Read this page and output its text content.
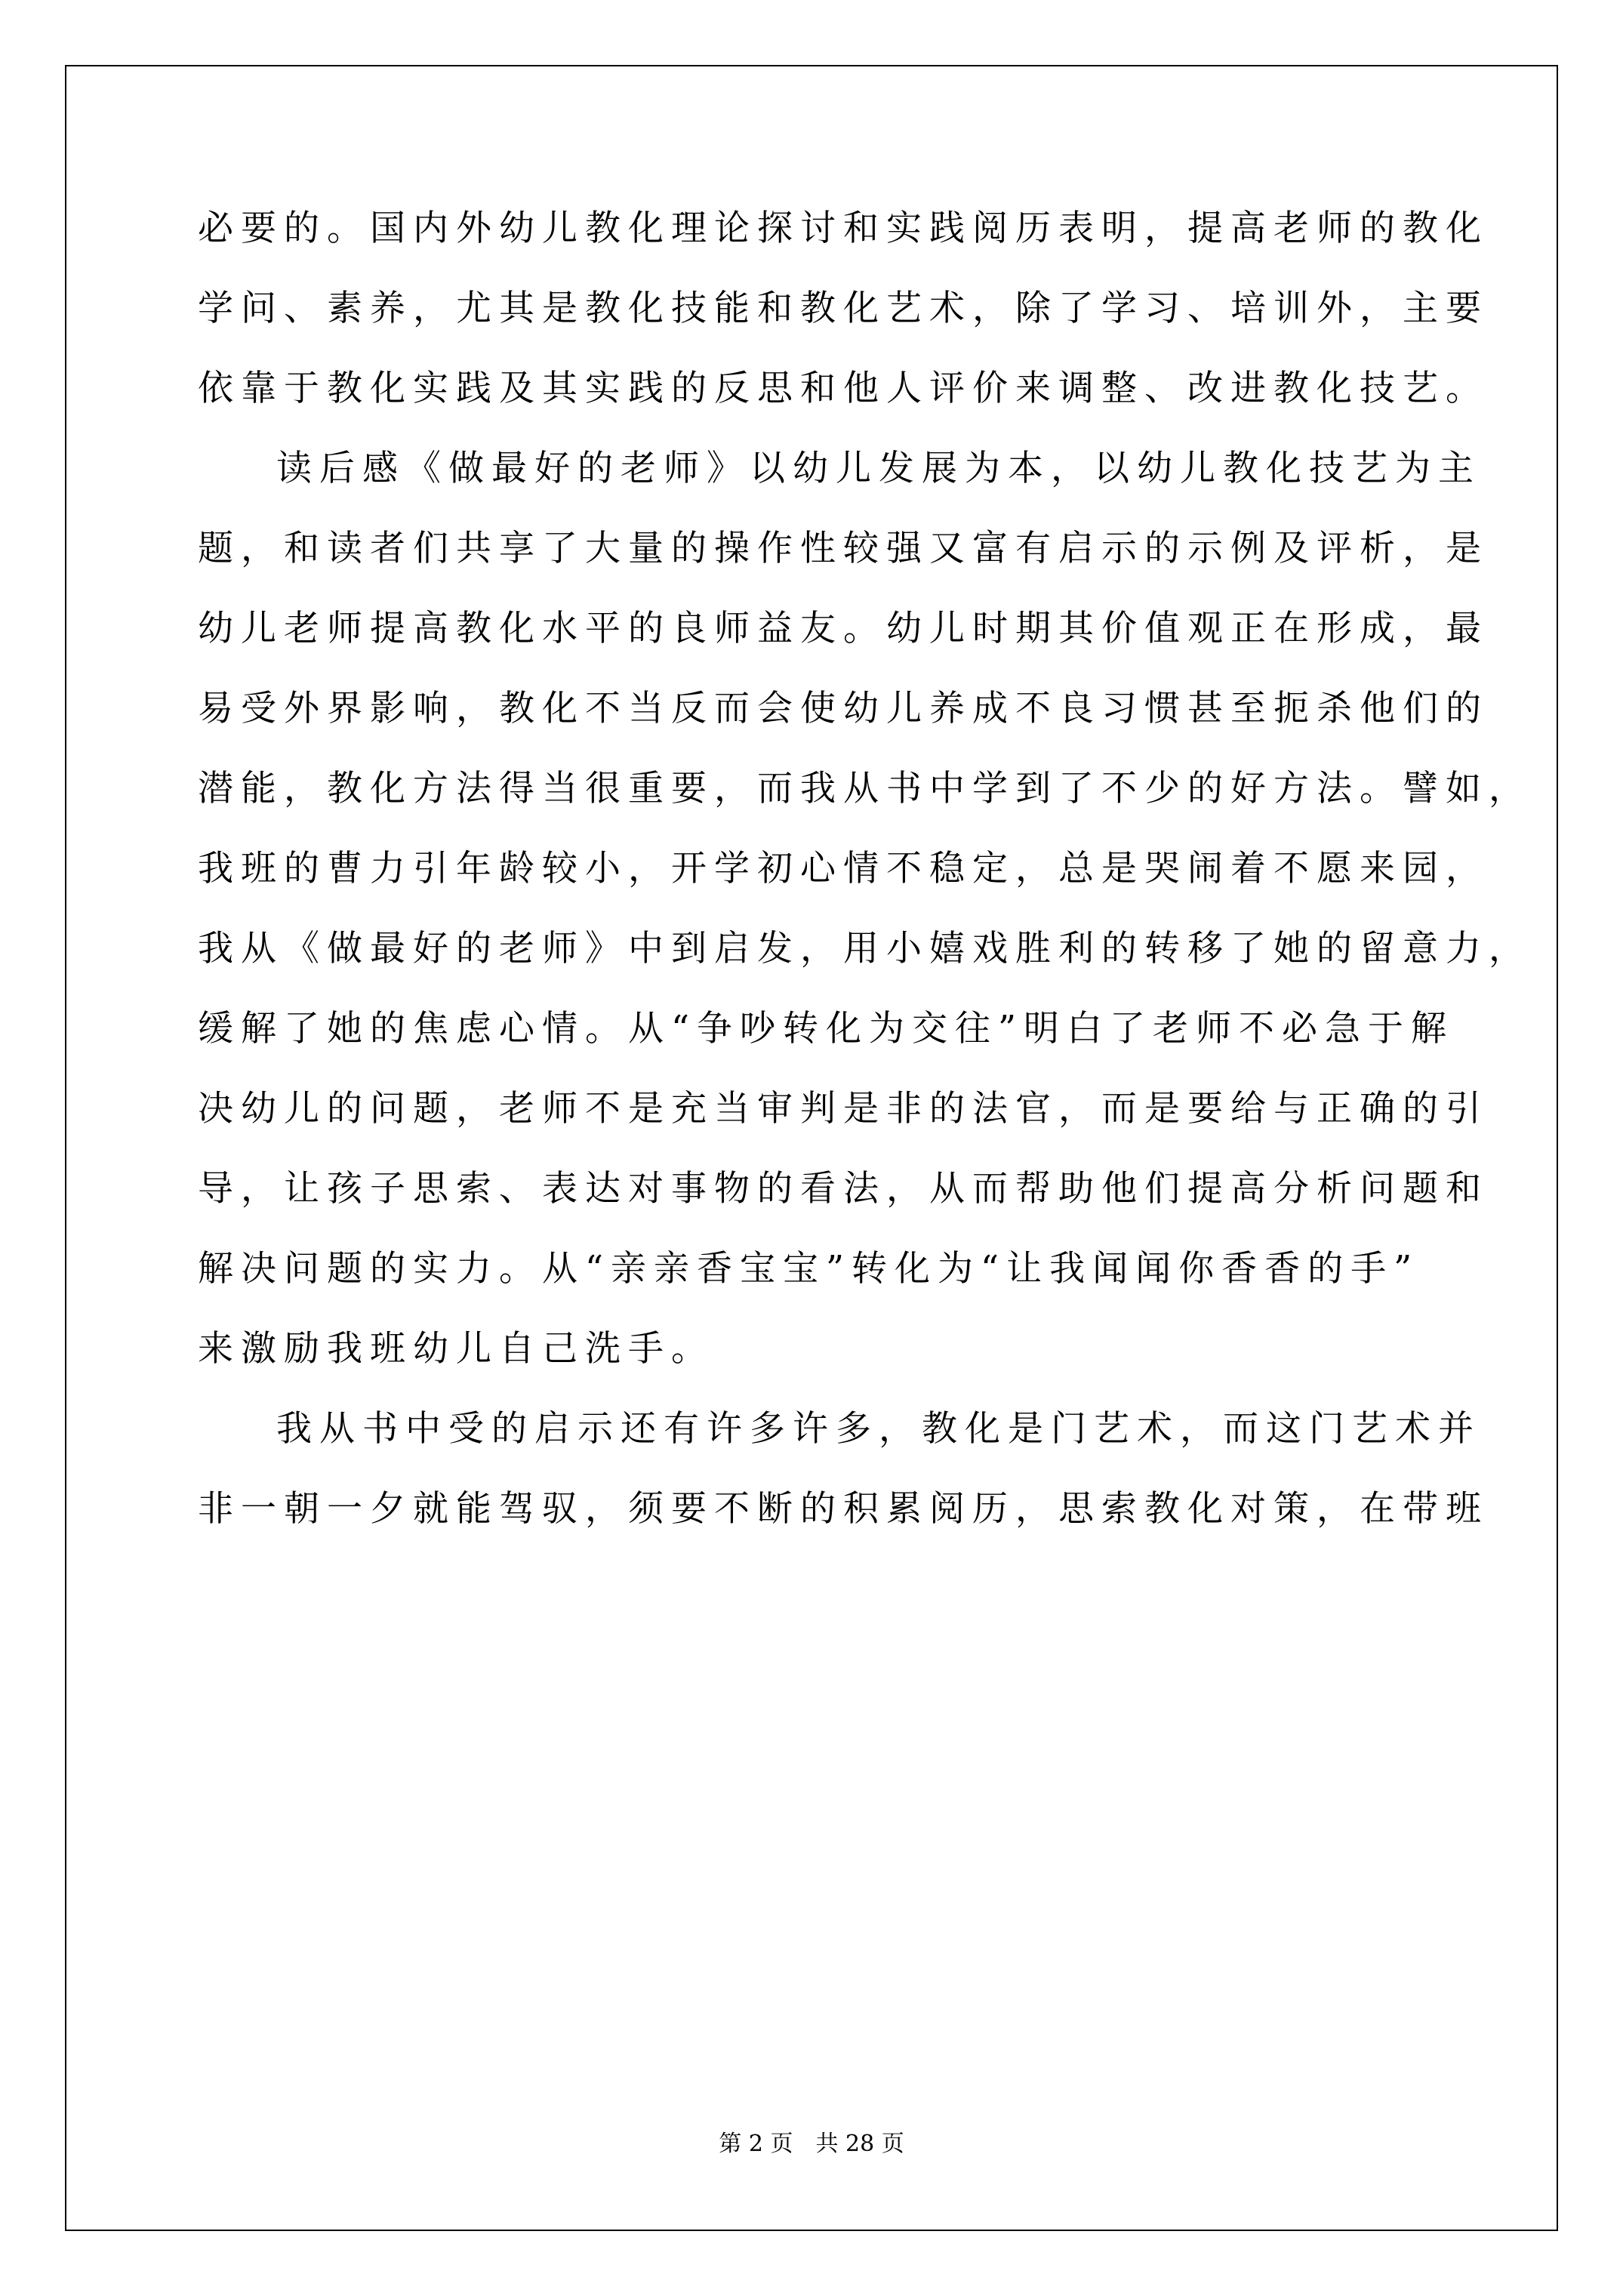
必要的。国内外幼儿教化理论探讨和实践阅历表明，提高老师的教化
学问、素养，尤其是教化技能和教化艺术，除了学习、培训外，主要
依靠于教化实践及其实践的反思和他人评价来调整、改进教化技艺。
读后感《做最好的老师》以幼儿发展为本，以幼儿教化技艺为主
题，和读者们共享了大量的操作性较强又富有启示的示例及评析，是
幼儿老师提高教化水平的良师益友。幼儿时期其价值观正在形成，最
易受外界影响，教化不当反而会使幼儿养成不良习惯甚至扼杀他们的
潜能，教化方法得当很重要，而我从书中学到了不少的好方法。譬如，
我班的曹力引年龄较小，开学初心情不稳定，总是哭闹着不愿来园，
我从《做最好的老师》中到启发，用小嬉戏胜利的转移了她的留意力，
缓解了她的焦虑心情。从“争吵转化为交往”明白了老师不必急于解
决幼儿的问题，老师不是充当审判是非的法官，而是要给与正确的引
导，让孩子思索、表达对事物的看法，从而帮助他们提高分析问题和
解决问题的实力。从“亲亲香宝宝”转化为“让我闻闻你香香的手”
来激励我班幼儿自己洗手。
我从书中受的启示还有许多许多，教化是门艺术，而这门艺术并
非一朝一夕就能驾驭，须要不断的积累阅历，思索教化对策，在带班
第 2 页　共 28 页
